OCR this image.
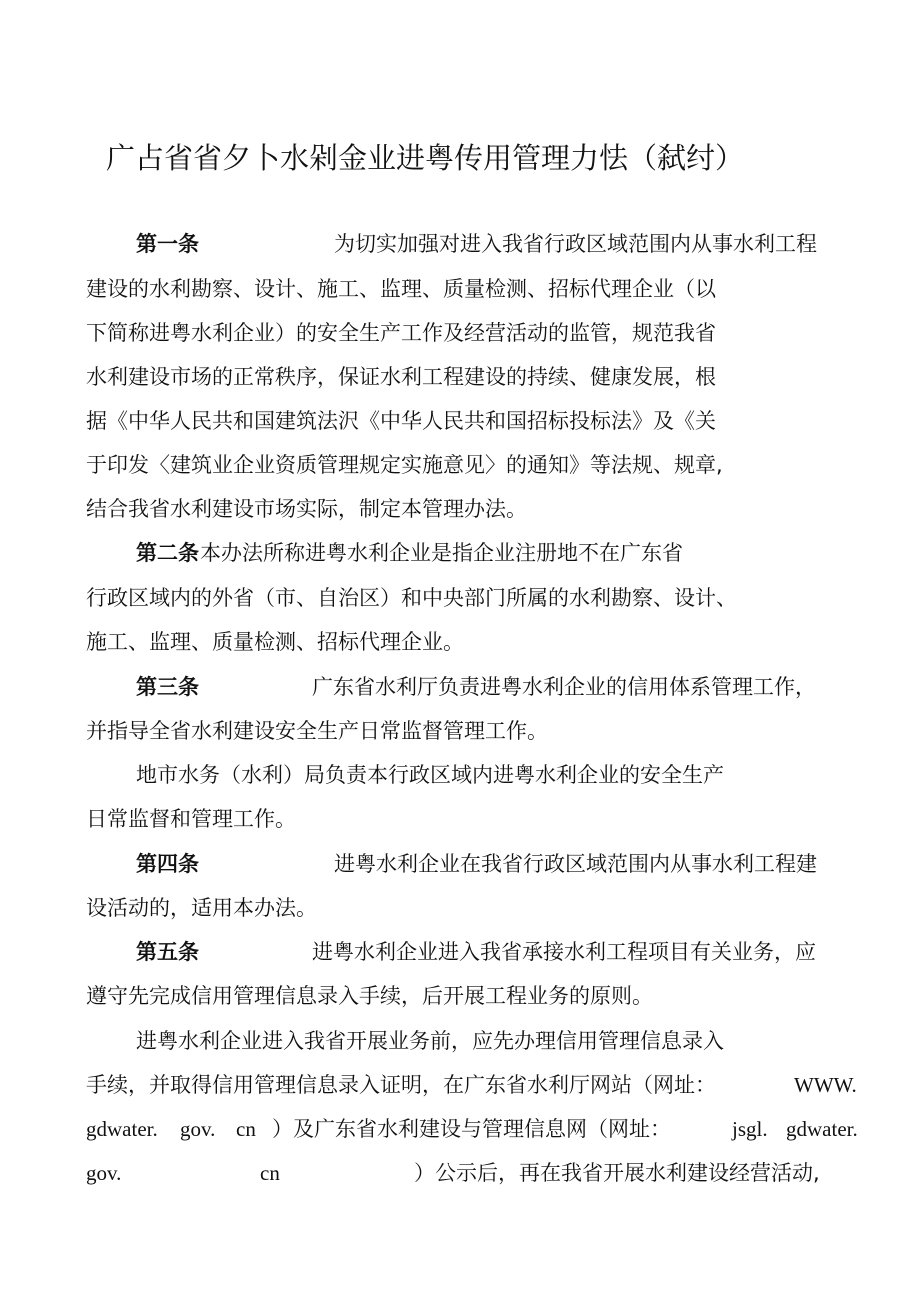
广占省省夕卜水剁金业进粤传用管理力怯（弑纣）
第一条	为切实加强对进入我省行政区域范围内从事水利工程
建设的水利勘察、设计、施工、监理、质量检测、招标代理企业（以
下简称进粤水利企业）的安全生产工作及经营活动的监管，规范我省
水利建设市场的正常秩序，保证水利工程建设的持续、健康发展，根
据《中华人民共和国建筑法沢《中华人民共和国招标投标法》及《关
于印发〈建筑业企业资质管理规定实施意见〉的通知》等法规、规章,
结合我省水利建设市场实际，制定本管理办法。
第二条 本办法所称进粤水利企业是指企业注册地不在广东省
行政区域内的外省（市、自治区）和中央部门所属的水利勘察、设计、
施工、监理、质量检测、招标代理企业。
第三条	广东省水利厅负责进粤水利企业的信用体系管理工作，
并指导全省水利建设安全生产日常监督管理工作。
地市水务（水利）局负责本行政区域内进粤水利企业的安全生产
日常监督和管理工作。
第四条	进粤水利企业在我省行政区域范围内从事水利工程建
设活动的，适用本办法。
第五条	进粤水利企业进入我省承接水利工程项目有关业务，应
遵守先完成信用管理信息录入手续，后开展工程业务的原则。
进粤水利企业进入我省开展业务前，应先办理信用管理信息录入
手续，并取得信用管理信息录入证明，在广东省水利厅网站（网址：	WWW.
gdwater. gov. cn ）及广东省水利建设与管理信息网（网址：	jsgl. gdwater.
gov.	cn	）公示后，再在我省开展水利建设经营活动,
